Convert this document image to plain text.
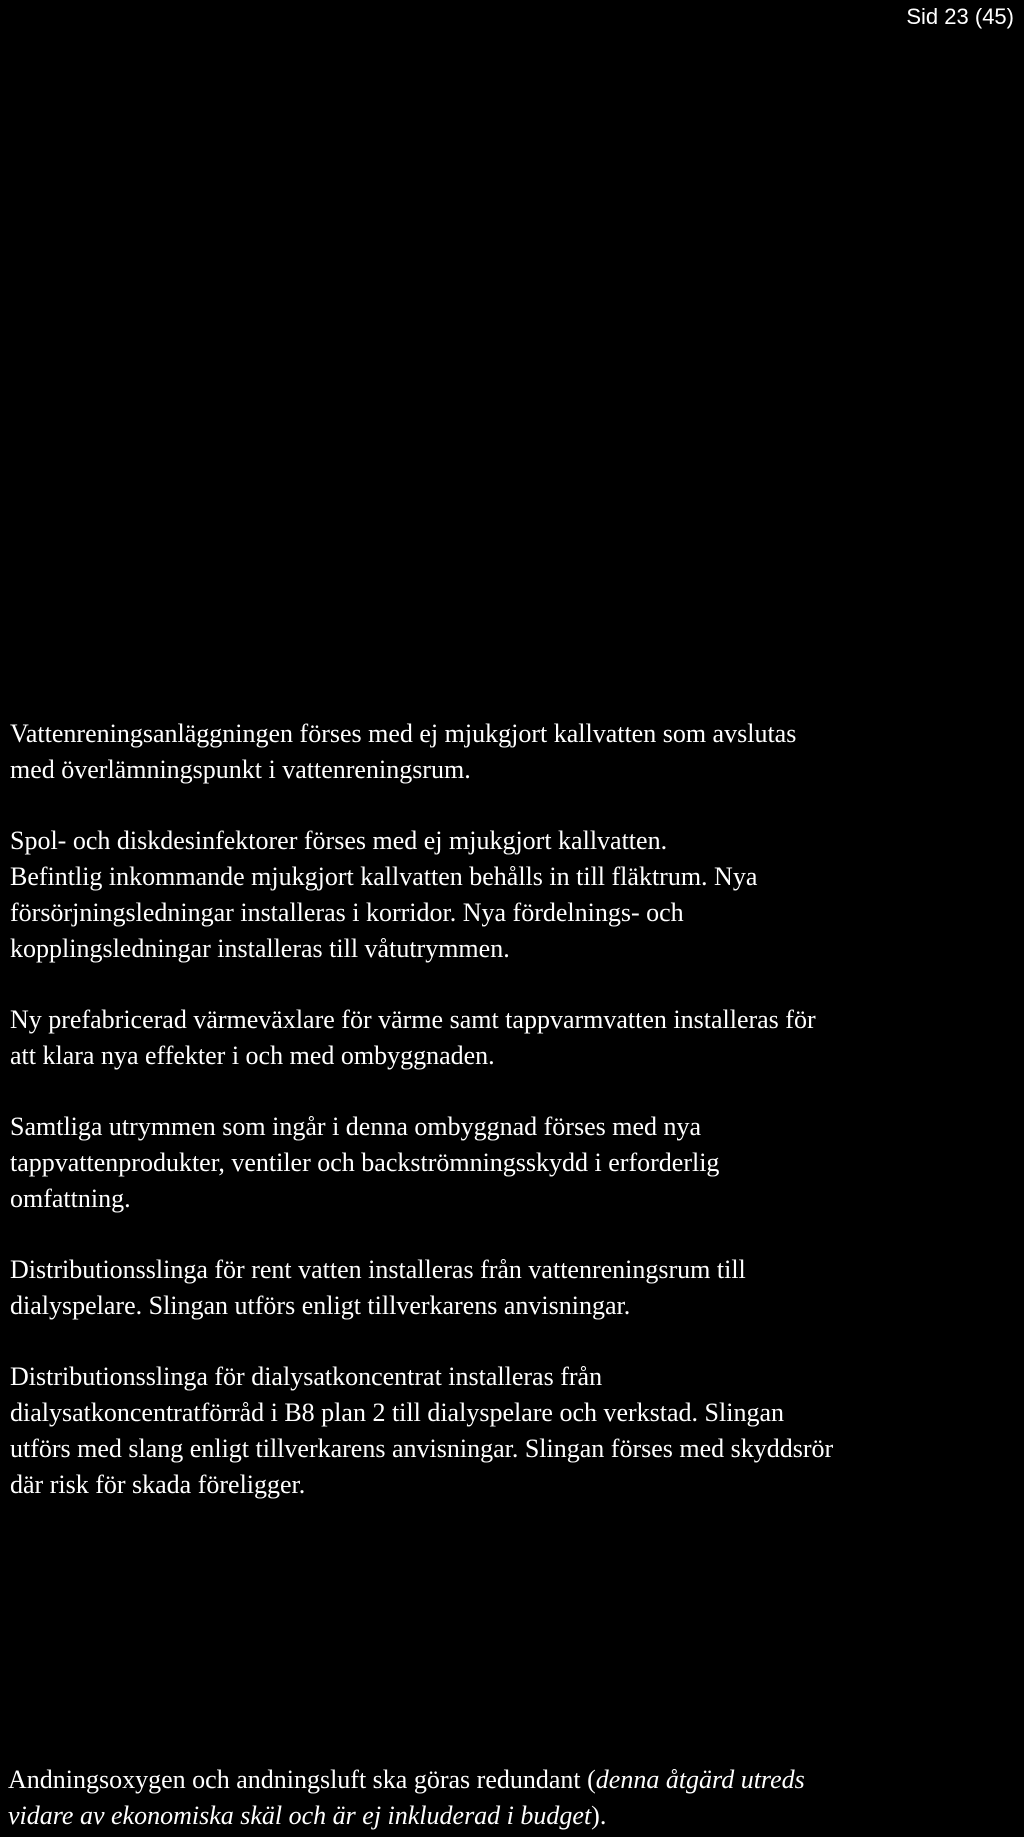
Sid 23 (45)

Vattenreningsanläggningen förses med ej mjukgjort kallvatten som avslutas
med överlämningspunkt i vattenreningsrum.

Spol- och diskdesinfektorer förses med ej mjukgjort kallvatten.
Befintlig inkommande mjukgjort kallvatten behålls in till fläktrum. Nya
försörjningsledningar installeras i korridor. Nya fördelnings- och
kopplingsledningar installeras till våtutrymmen.

Ny prefabricerad värmeväxlare för värme samt tappvarmvatten installeras för
att klara nya effekter i och med ombyggnaden.

Samtliga utrymmen som ingår i denna ombyggnad förses med nya
tappvattenprodukter, ventiler och backströmningsskydd i erforderlig
omfattning.

Distributionsslinga för rent vatten installeras från vattenreningsrum till
dialyspelare. Slingan utförs enligt tillverkarens anvisningar.

Distributionsslinga för dialysatkoncentrat installeras från
dialysatkoncentratförråd i B8 plan 2 till dialyspelare och verkstad. Slingan
utförs med slang enligt tillverkarens anvisningar. Slingan förses med skyddsrör
där risk för skada föreligger.

Andningsoxygen och andningsluft ska göras redundant (denna åtgärd utreds
vidare av ekonomiska skäl och är ej inkluderad i budget).
